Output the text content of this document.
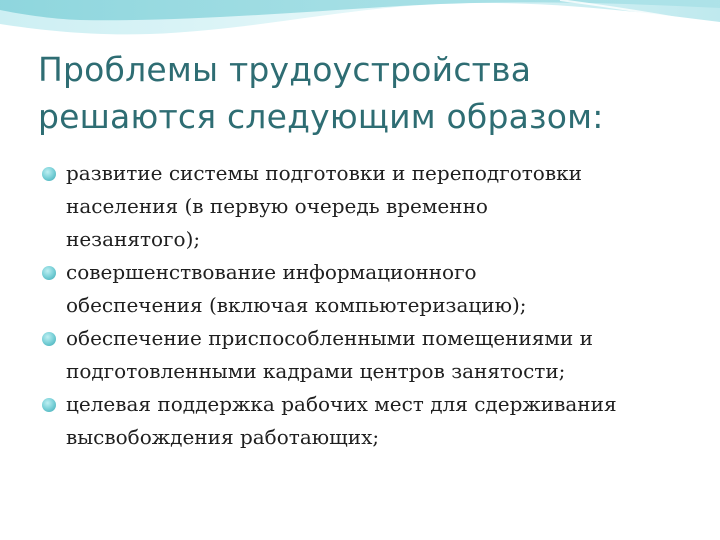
Проблемы трудоустройства
решаются следующим образом:
развитие системы подготовки и переподготовки
населения (в первую очередь временно
незанятого);
совершенствование информационного
обеспечения (включая компьютеризацию);
обеспечение приспособленными помещениями и
подготовленными кадрами центров занятости;
целевая поддержка рабочих мест для сдерживания
высвобождения работающих;
